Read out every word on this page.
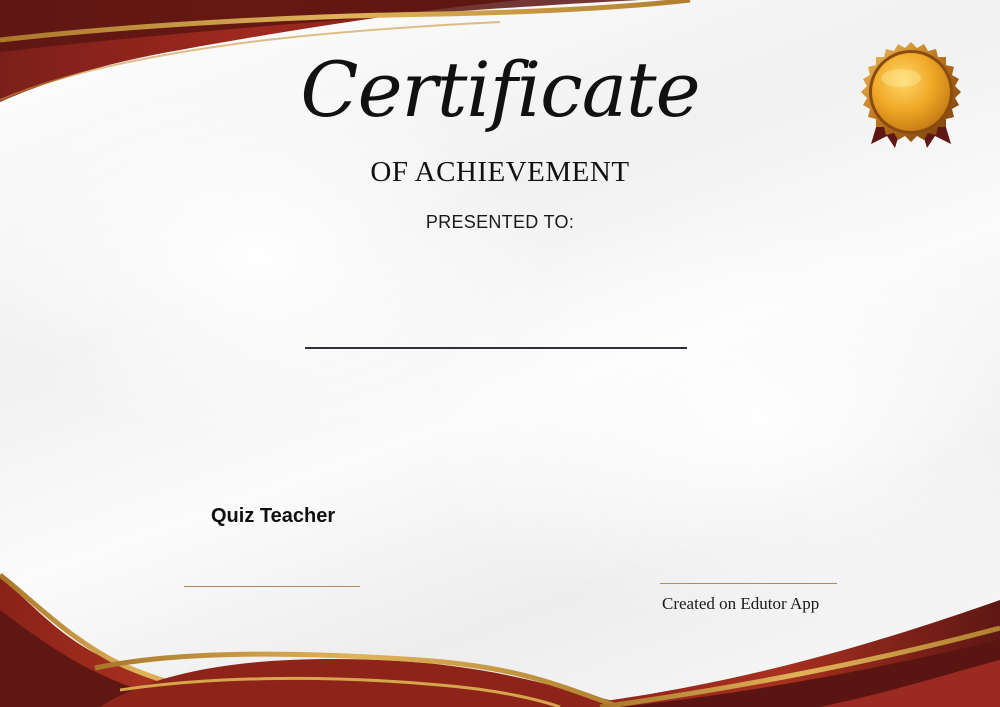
Certificate
OF ACHIEVEMENT
PRESENTED TO:
Quiz Teacher
Created on Edutor App
